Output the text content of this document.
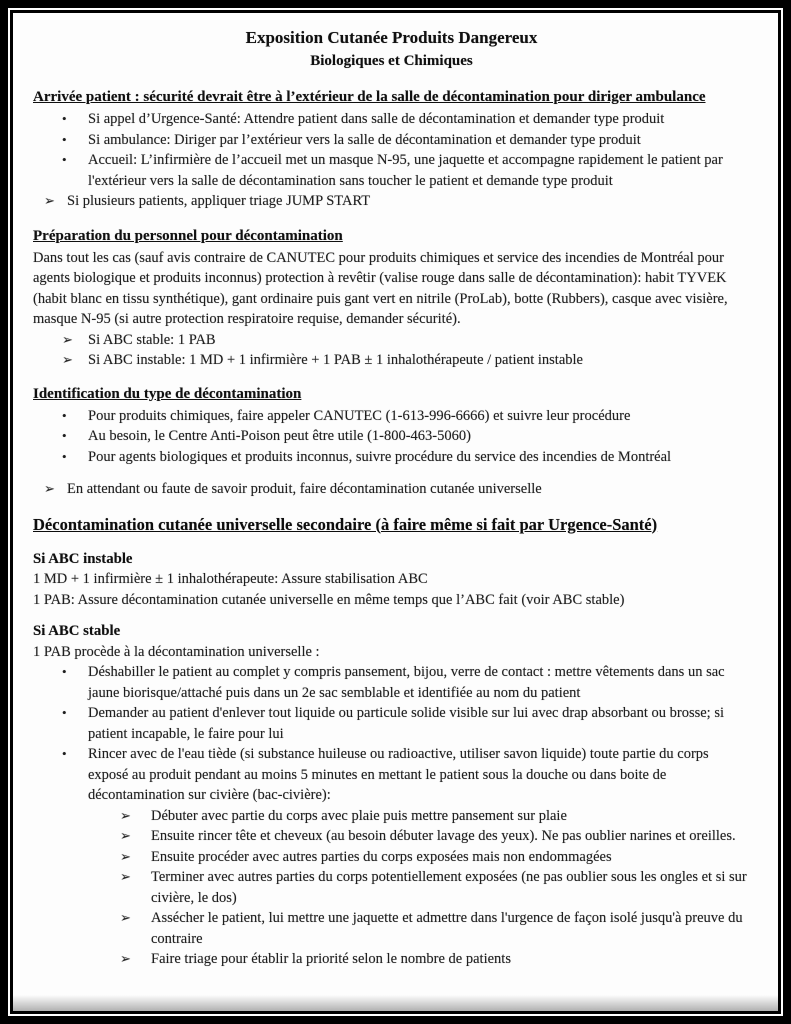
Exposition Cutanée Produits Dangereux
Biologiques et Chimiques
Arrivée patient : sécurité devrait être à l’extérieur de la salle de décontamination pour diriger ambulance
•	Si appel d’Urgence-Santé: Attendre patient dans salle de décontamination et demander type produit
•	Si ambulance: Diriger par l’extérieur vers la salle de décontamination et demander type produit
•	Accueil: L’infirmière de l’accueil met un masque N-95, une jaquette et accompagne rapidement le patient par l'extérieur vers la salle de décontamination sans toucher le patient et demande type produit
➢ Si plusieurs patients, appliquer triage JUMP START
Préparation du personnel pour décontamination
Dans tout les cas (sauf avis contraire de CANUTEC pour produits chimiques et service des incendies de Montréal pour agents biologique et produits inconnus) protection à revêtir (valise rouge dans salle de décontamination): habit TYVEK (habit blanc en tissu synthétique), gant ordinaire puis gant vert en nitrile (ProLab), botte (Rubbers), casque avec visière, masque N-95 (si autre protection respiratoire requise, demander sécurité).
➢	Si ABC stable: 1 PAB
➢	Si ABC instable: 1 MD + 1 infirmière + 1 PAB ± 1 inhalothérapeute / patient instable
Identification du type de décontamination
•	Pour produits chimiques, faire appeler CANUTEC (1-613-996-6666) et suivre leur procédure
•	Au besoin, le Centre Anti-Poison peut être utile (1-800-463-5060)
•	Pour agents biologiques et produits inconnus, suivre procédure du service des incendies de Montréal
➢ En attendant ou faute de savoir produit, faire décontamination cutanée universelle
Décontamination cutanée universelle secondaire (à faire même si fait par Urgence-Santé)
Si ABC instable
1 MD + 1 infirmière ± 1 inhalothérapeute: Assure stabilisation ABC
1 PAB: Assure décontamination cutanée universelle en même temps que l’ABC fait (voir ABC stable)
Si ABC stable
1 PAB procède à la décontamination universelle :
•	Déshabiller le patient au complet y compris pansement, bijou, verre de contact : mettre vêtements dans un sac jaune biorisque/attaché puis dans un 2e sac semblable et identifiée au nom du patient
•	Demander au patient d'enlever tout liquide ou particule solide visible sur lui avec drap absorbant ou brosse; si patient incapable, le faire pour lui
•	Rincer avec de l'eau tiède (si substance huileuse ou radioactive, utiliser savon liquide) toute partie du corps exposé au produit pendant au moins 5 minutes en mettant le patient sous la douche ou dans boite de décontamination sur civière (bac-civière):
➢	Débuter avec partie du corps avec plaie puis mettre pansement sur plaie
➢	Ensuite rincer tête et cheveux (au besoin débuter lavage des yeux). Ne pas oublier narines et oreilles.
➢	Ensuite procéder avec autres parties du corps exposées mais non endommagées
➢	Terminer avec autres parties du corps potentiellement exposées (ne pas oublier sous les ongles et si sur civière, le dos)
➢	Assécher le patient, lui mettre une jaquette et admettre dans l'urgence de façon isolé jusqu'à preuve du contraire
➢	Faire triage pour établir la priorité selon le nombre de patients
